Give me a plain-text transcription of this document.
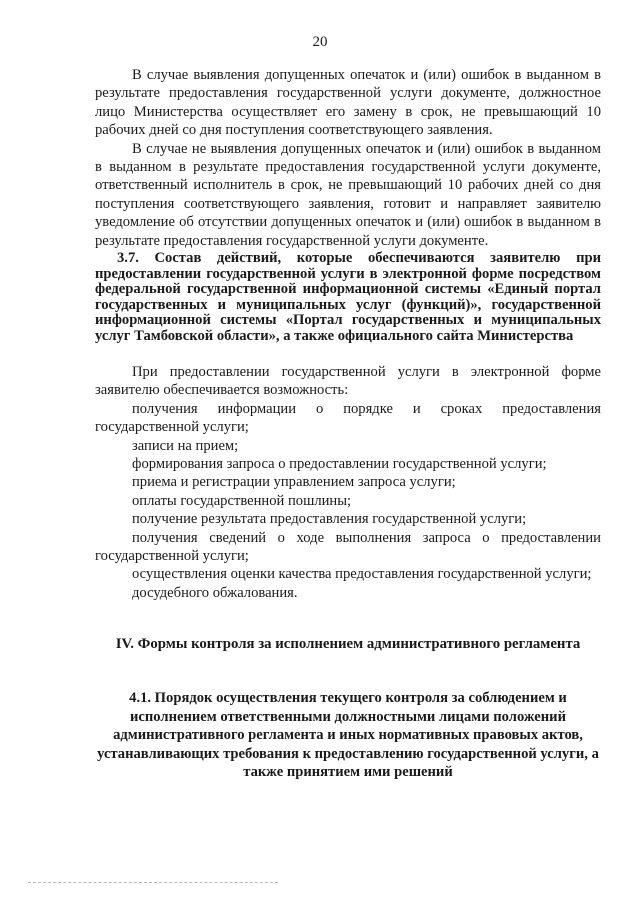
20

В случае выявления допущенных опечаток и (или) ошибок в выданном в результате предоставления государственной услуги документе, должностное лицо Министерства осуществляет его замену в срок, не превышающий 10 рабочих дней со дня поступления соответствующего заявления.

В случае не выявления допущенных опечаток и (или) ошибок в выданном в выданном в результате предоставления государственной услуги документе, ответственный исполнитель в срок, не превышающий 10 рабочих дней со дня поступления соответствующего заявления, готовит и направляет заявителю уведомление об отсутствии допущенных опечаток и (или) ошибок в выданном в результате предоставления государственной услуги документе.

3.7. Состав действий, которые обеспечиваются заявителю при предоставлении государственной услуги в электронной форме посредством федеральной государственной информационной системы «Единый портал государственных и муниципальных услуг (функций)», государственной информационной системы «Портал государственных и муниципальных услуг Тамбовской области», а также официального сайта Министерства

При предоставлении государственной услуги в электронной форме заявителю обеспечивается возможность:

получения информации о порядке и сроках предоставления государственной услуги;

записи на прием;

формирования запроса о предоставлении государственной услуги;

приема и регистрации управлением запроса услуги;

оплаты государственной пошлины;

получение результата предоставления государственной услуги;

получения сведений о ходе выполнения запроса о предоставлении государственной услуги;

осуществления оценки качества предоставления государственной услуги;

досудебного обжалования.

IV. Формы контроля за исполнением административного регламента

4.1. Порядок осуществления текущего контроля за соблюдением и исполнением ответственными должностными лицами положений административного регламента и иных нормативных правовых актов, устанавливающих требования к предоставлению государственной услуги, а также принятием ими решений
